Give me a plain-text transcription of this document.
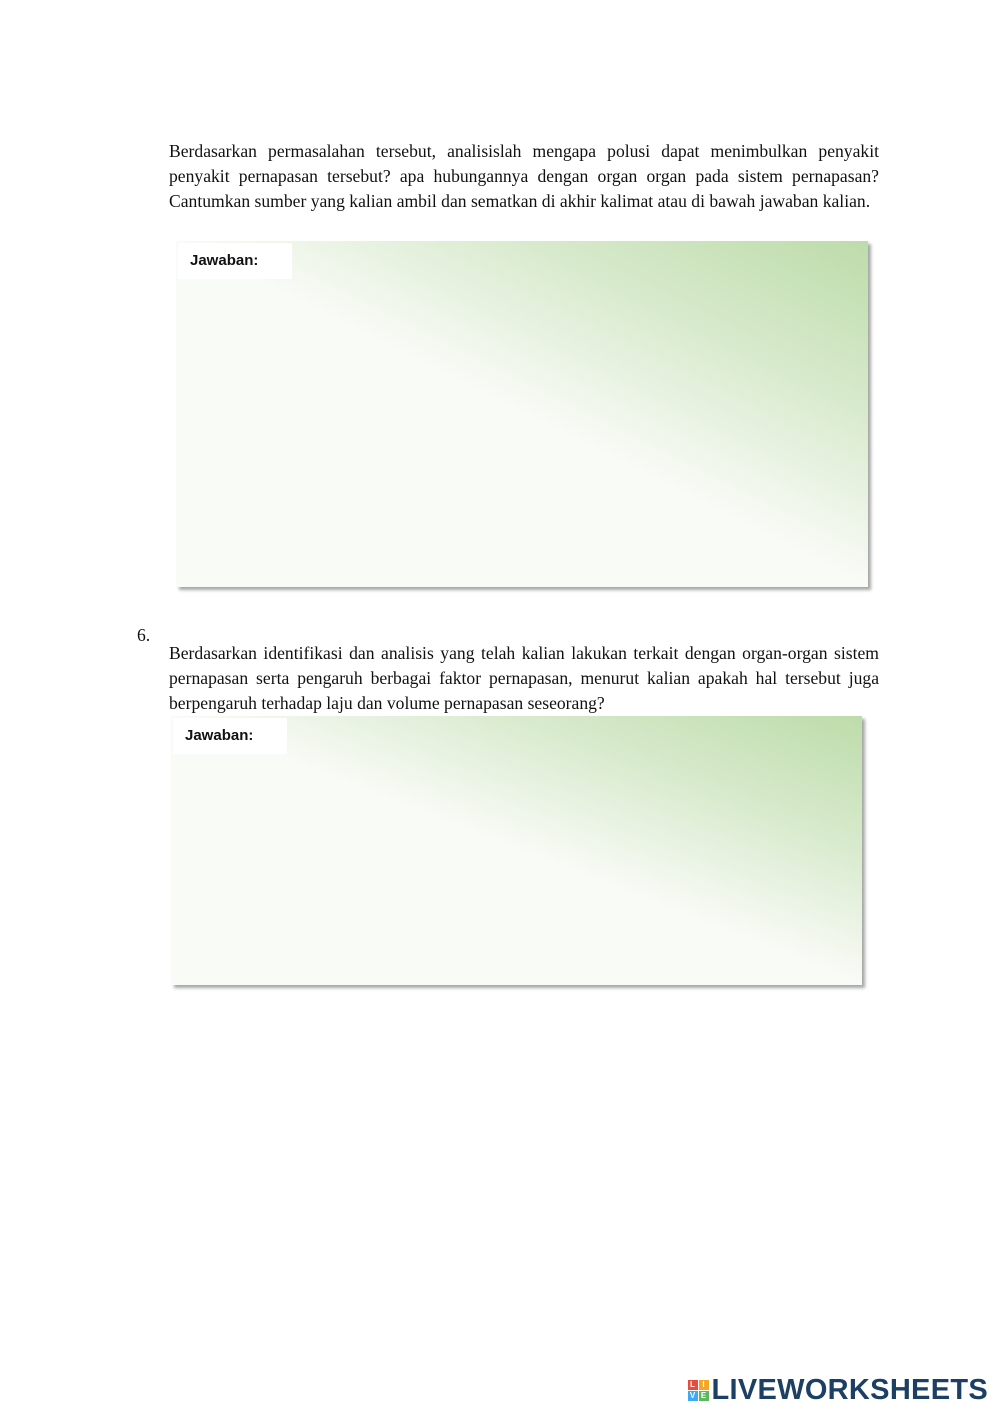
Berdasarkan permasalahan tersebut, analisislah mengapa polusi dapat menimbulkan penyakit penyakit pernapasan tersebut? apa hubungannya dengan organ organ pada sistem pernapasan? Cantumkan sumber yang kalian ambil dan sematkan di akhir kalimat atau di bawah jawaban kalian.

Jawaban:
6.

Berdasarkan identifikasi dan analisis yang telah kalian lakukan terkait dengan organ-organ sistem pernapasan serta pengaruh berbagai faktor pernapasan, menurut kalian apakah hal tersebut juga berpengaruh terhadap laju dan volume pernapasan seseorang?

Jawaban:
L I
V E LIVEWORKSHEETS
